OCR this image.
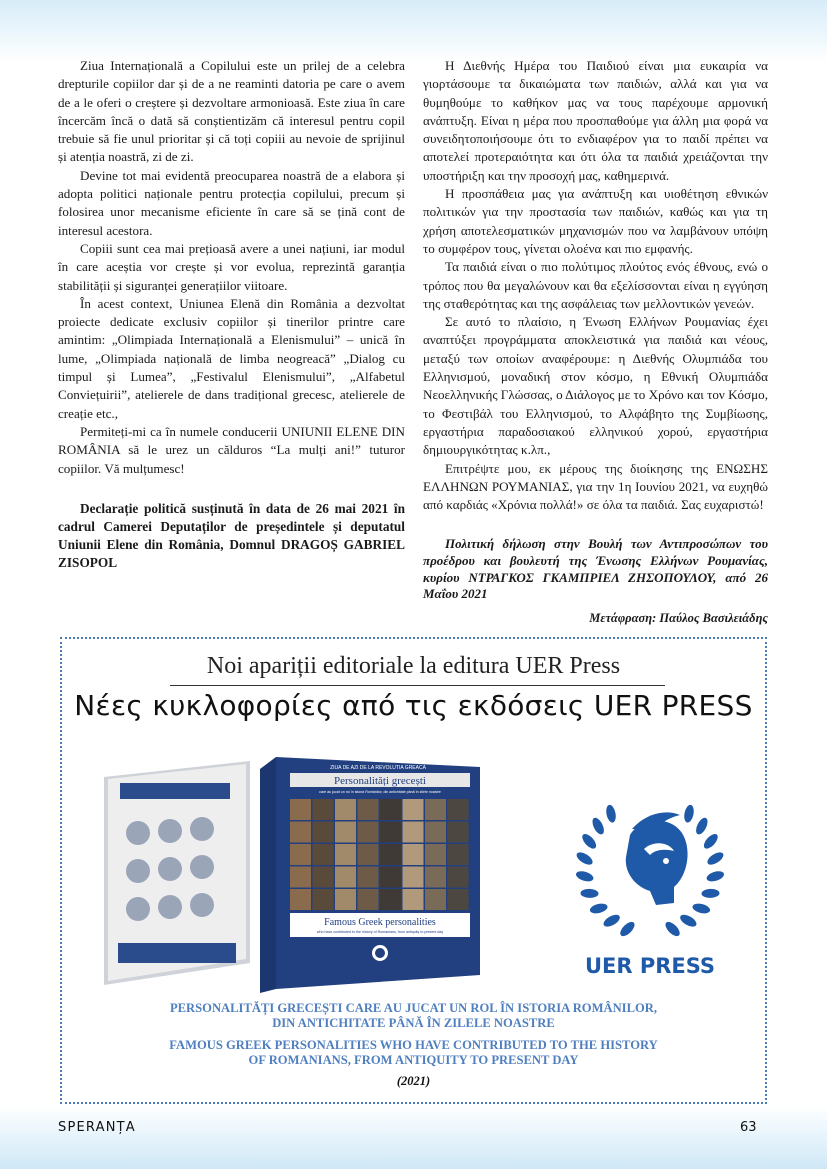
Ziua Internațională a Copilului este un prilej de a celebra drepturile copiilor dar și de a ne reaminti datoria pe care o avem de a le oferi o creștere și dezvoltare armonioasă. Este ziua în care încercăm încă o dată să conștientizăm că interesul pentru copil trebuie să fie unul prioritar și că toți copiii au nevoie de sprijinul și atenția noastră, zi de zi.

Devine tot mai evidentă preocuparea noastră de a elabora și adopta politici naționale pentru protecția copilului, precum și folosirea unor mecanisme eficiente în care să se țină cont de interesul acestora.

Copiii sunt cea mai prețioasă avere a unei națiuni, iar modul în care aceștia vor crește și vor evolua, reprezintă garanția stabilității și siguranței generațiilor viitoare.

În acest context, Uniunea Elenă din România a dezvoltat proiecte dedicate exclusiv copiilor și tinerilor printre care amintim: „Olimpiada Internațională a Elenismului” – unică în lume, „Olimpiada națională de limba neogreacă” „Dialog cu timpul și Lumea”, „Festivalul Elenismului”, „Alfabetul Conviețuirii”, atelierele de dans tradițional grecesc, atelierele de creație etc.,

Permiteți-mi ca în numele conducerii UNIUNII ELENE DIN ROMÂNIA să le urez un călduros “La mulți ani!” tuturor copiilor. Vă mulțumesc!

Declarație politică susținută în data de 26 mai 2021 în cadrul Camerei Deputaților de președintele și deputatul Uniunii Elene din România, Domnul DRAGOȘ GABRIEL ZISOPOL

Η Διεθνής Ημέρα του Παιδιού είναι μια ευκαιρία να γιορτάσουμε τα δικαιώματα των παιδιών, αλλά και για να θυμηθούμε το καθήκον μας να τους παρέχουμε αρμονική ανάπτυξη. Είναι η μέρα που προσπαθούμε για άλλη μια φορά να συνειδητοποιήσουμε ότι το ενδιαφέρον για το παιδί πρέπει να αποτελεί προτεραιότητα και ότι όλα τα παιδιά χρειάζονται την υποστήριξη και την προσοχή μας, καθημερινά.

Η προσπάθεια μας για ανάπτυξη και υιοθέτηση εθνικών πολιτικών για την προστασία των παιδιών, καθώς και για τη χρήση αποτελεσματικών μηχανισμών που να λαμβάνουν υπόψη το συμφέρον τους, γίνεται ολοένα και πιο εμφανής.

Τα παιδιά είναι ο πιο πολύτιμος πλούτος ενός έθνους, ενώ ο τρόπος που θα μεγαλώνουν και θα εξελίσσονται είναι η εγγύηση της σταθερότητας και της ασφάλειας των μελλοντικών γενεών.

Σε αυτό το πλαίσιο, η Ένωση Ελλήνων Ρουμανίας έχει αναπτύξει προγράμματα αποκλειστικά για παιδιά και νέους, μεταξύ των οποίων αναφέρουμε: η Διεθνής Ολυμπιάδα του Ελληνισμού, μοναδική στον κόσμο, η Εθνική Ολυμπιάδα Νεοελληνικής Γλώσσας, ο Διάλογος με το Χρόνο και τον Κόσμο, το Φεστιβάλ του Ελληνισμού, το Αλφάβητο της Συμβίωσης, εργαστήρια παραδοσιακού ελληνικού χορού, εργαστήρια δημιουργικότητας κ.λπ.,

Επιτρέψτε μου, εκ μέρους της διοίκησης της ΕΝΩΣΗΣ ΕΛΛΗΝΩΝ ΡΟΥΜΑΝΙΑΣ, για την 1η Ιουνίου 2021, να ευχηθώ από καρδιάς «Χρόνια πολλά!» σε όλα τα παιδιά. Σας ευχαριστώ!

Πολιτική δήλωση στην Βουλή των Αντιπροσώπων του προέδρου και βουλευτή της Ένωσης Ελλήνων Ρουμανίας, κυρίου ΝΤΡΑΓΚΟΣ ΓΚΑΜΠΡΙΕΛ ΖΗΣΟΠΟΥΛΟΥ, από 26 Μαΐου 2021

Μετάφραση: Παύλος Βασιλειάδης

Noi apariții editoriale la editura UER Press
Νέες κυκλοφορίες από τις εκδόσεις UER PRESS
ZIUA DE AZI DE LA REVOLUTIA GREACA
Personalități grecești
care au jucat un rol în istoria Românilor, din antichitate până în zilele noastre
Famous Greek personalities
who have contributed to the history of Romanians, from antiquity to present day
UER PRESS
PERSONALITĂȚI GRECEȘTI CARE AU JUCAT UN ROL ÎN ISTORIA ROMÂNILOR,
DIN ANTICHITATE PÂNĂ ÎN ZILELE NOASTRE
FAMOUS GREEK PERSONALITIES WHO HAVE CONTRIBUTED TO THE HISTORY
OF ROMANIANS, FROM ANTIQUITY TO PRESENT DAY
(2021)
SPERANȚA	63
